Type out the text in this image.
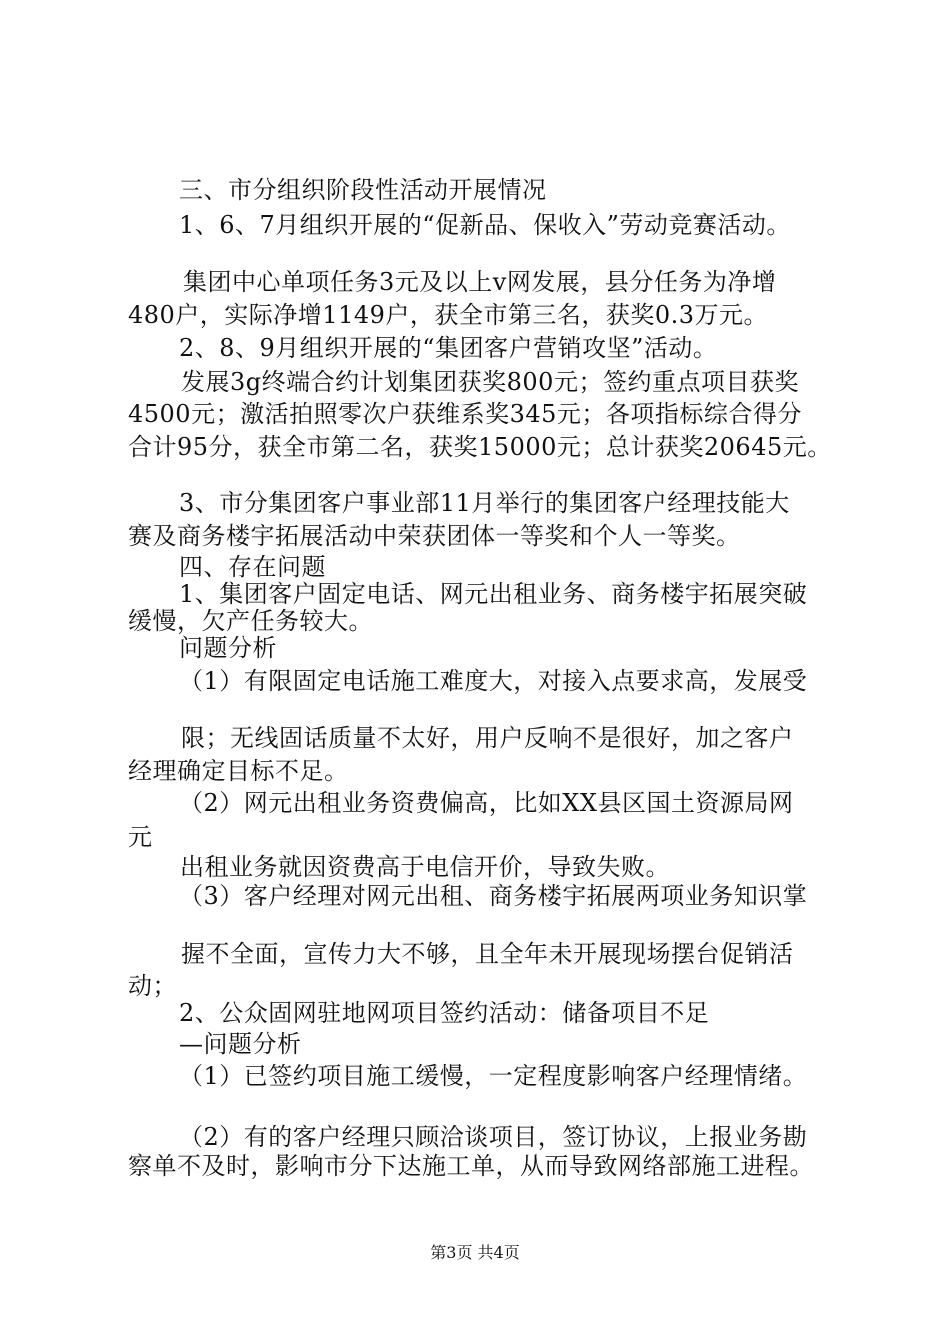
三、市分组织阶段性活动开展情况
1、6、7月组织开展的“促新品、保收入”劳动竞赛活动。
集团中心单项任务3元及以上v网发展，县分任务为净增
480户，实际净增1149户，获全市第三名，获奖0.3万元。
2、8、9月组织开展的“集团客户营销攻坚”活动。
发展3g终端合约计划集团获奖800元；签约重点项目获奖
4500元；激活拍照零次户获维系奖345元；各项指标综合得分
合计95分，获全市第二名，获奖15000元；总计获奖20645元。
3、市分集团客户事业部11月举行的集团客户经理技能大
赛及商务楼宇拓展活动中荣获团体一等奖和个人一等奖。
四、存在问题
1、集团客户固定电话、网元出租业务、商务楼宇拓展突破
缓慢，欠产任务较大。
问题分析
（1）有限固定电话施工难度大，对接入点要求高，发展受
限；无线固话质量不太好，用户反响不是很好，加之客户
经理确定目标不足。
（2）网元出租业务资费偏高，比如XX县区国土资源局网
元
出租业务就因资费高于电信开价，导致失败。
（3）客户经理对网元出租、商务楼宇拓展两项业务知识掌
握不全面，宣传力大不够，且全年未开展现场摆台促销活
动；
2、公众固网驻地网项目签约活动：储备项目不足
—问题分析
（1）已签约项目施工缓慢，一定程度影响客户经理情绪。
（2）有的客户经理只顾洽谈项目，签订协议，上报业务勘
察单不及时，影响市分下达施工单，从而导致网络部施工进程。
第3页 共4页
